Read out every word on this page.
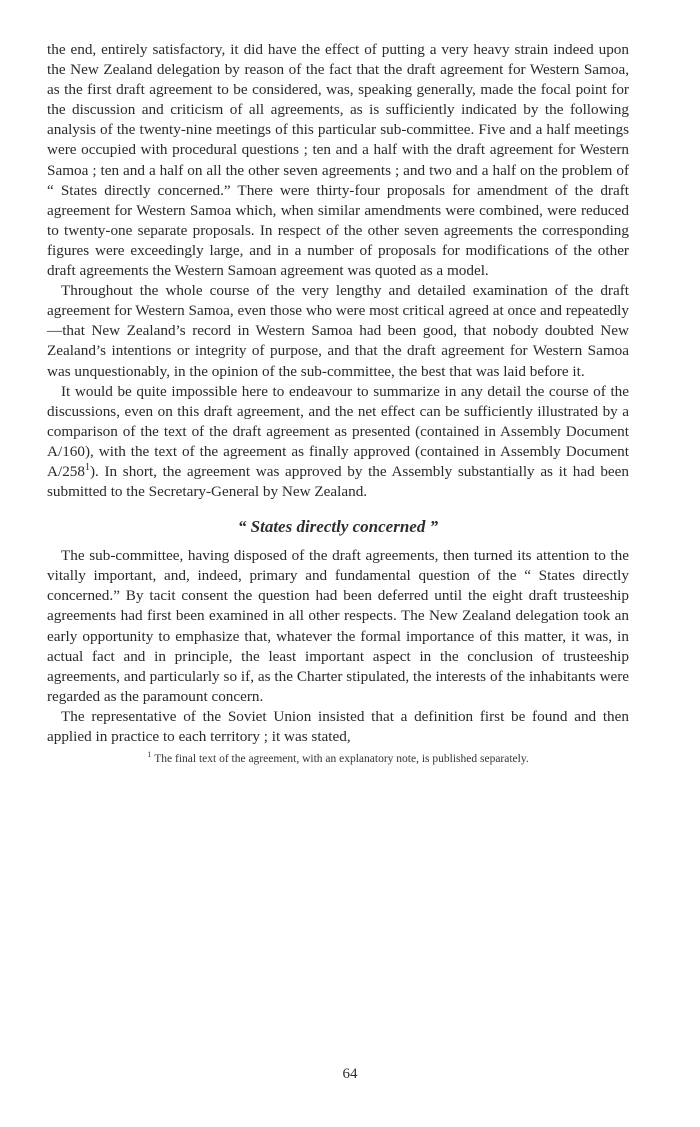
the end, entirely satisfactory, it did have the effect of putting a very heavy strain indeed upon the New Zealand delegation by reason of the fact that the draft agreement for Western Samoa, as the first draft agreement to be considered, was, speaking generally, made the focal point for the discussion and criticism of all agreements, as is sufficiently indicated by the following analysis of the twenty-nine meetings of this particular sub-committee. Five and a half meetings were occupied with procedural questions ; ten and a half with the draft agreement for Western Samoa ; ten and a half on all the other seven agreements ; and two and a half on the problem of “ States directly concerned.” There were thirty-four proposals for amendment of the draft agreement for Western Samoa which, when similar amendments were combined, were reduced to twenty-one separate proposals. In respect of the other seven agreements the corresponding figures were exceedingly large, and in a number of proposals for modifications of the other draft agreements the Western Samoan agreement was quoted as a model.

Throughout the whole course of the very lengthy and detailed examination of the draft agreement for Western Samoa, even those who were most critical agreed at once and repeatedly—that New Zealand’s record in Western Samoa had been good, that nobody doubted New Zealand’s intentions or integrity of purpose, and that the draft agreement for Western Samoa was unquestionably, in the opinion of the sub-committee, the best that was laid before it.

It would be quite impossible here to endeavour to summarize in any detail the course of the discussions, even on this draft agreement, and the net effect can be sufficiently illustrated by a comparison of the text of the draft agreement as presented (contained in Assembly Document A/160), with the text of the agreement as finally approved (contained in Assembly Document A/258$^1$). In short, the agreement was approved by the Assembly substantially as it had been submitted to the Secretary-General by New Zealand.

“ States directly concerned ”

The sub-committee, having disposed of the draft agreements, then turned its attention to the vitally important, and, indeed, primary and fundamental question of the “ States directly concerned.” By tacit consent the question had been deferred until the eight draft trusteeship agreements had first been examined in all other respects. The New Zealand delegation took an early opportunity to emphasize that, whatever the formal importance of this matter, it was, in actual fact and in principle, the least important aspect in the conclusion of trusteeship agreements, and particularly so if, as the Charter stipulated, the interests of the inhabitants were regarded as the paramount concern.

The representative of the Soviet Union insisted that a definition first be found and then applied in practice to each territory ; it was stated,

$^1$ The final text of the agreement, with an explanatory note, is published separately.

64
